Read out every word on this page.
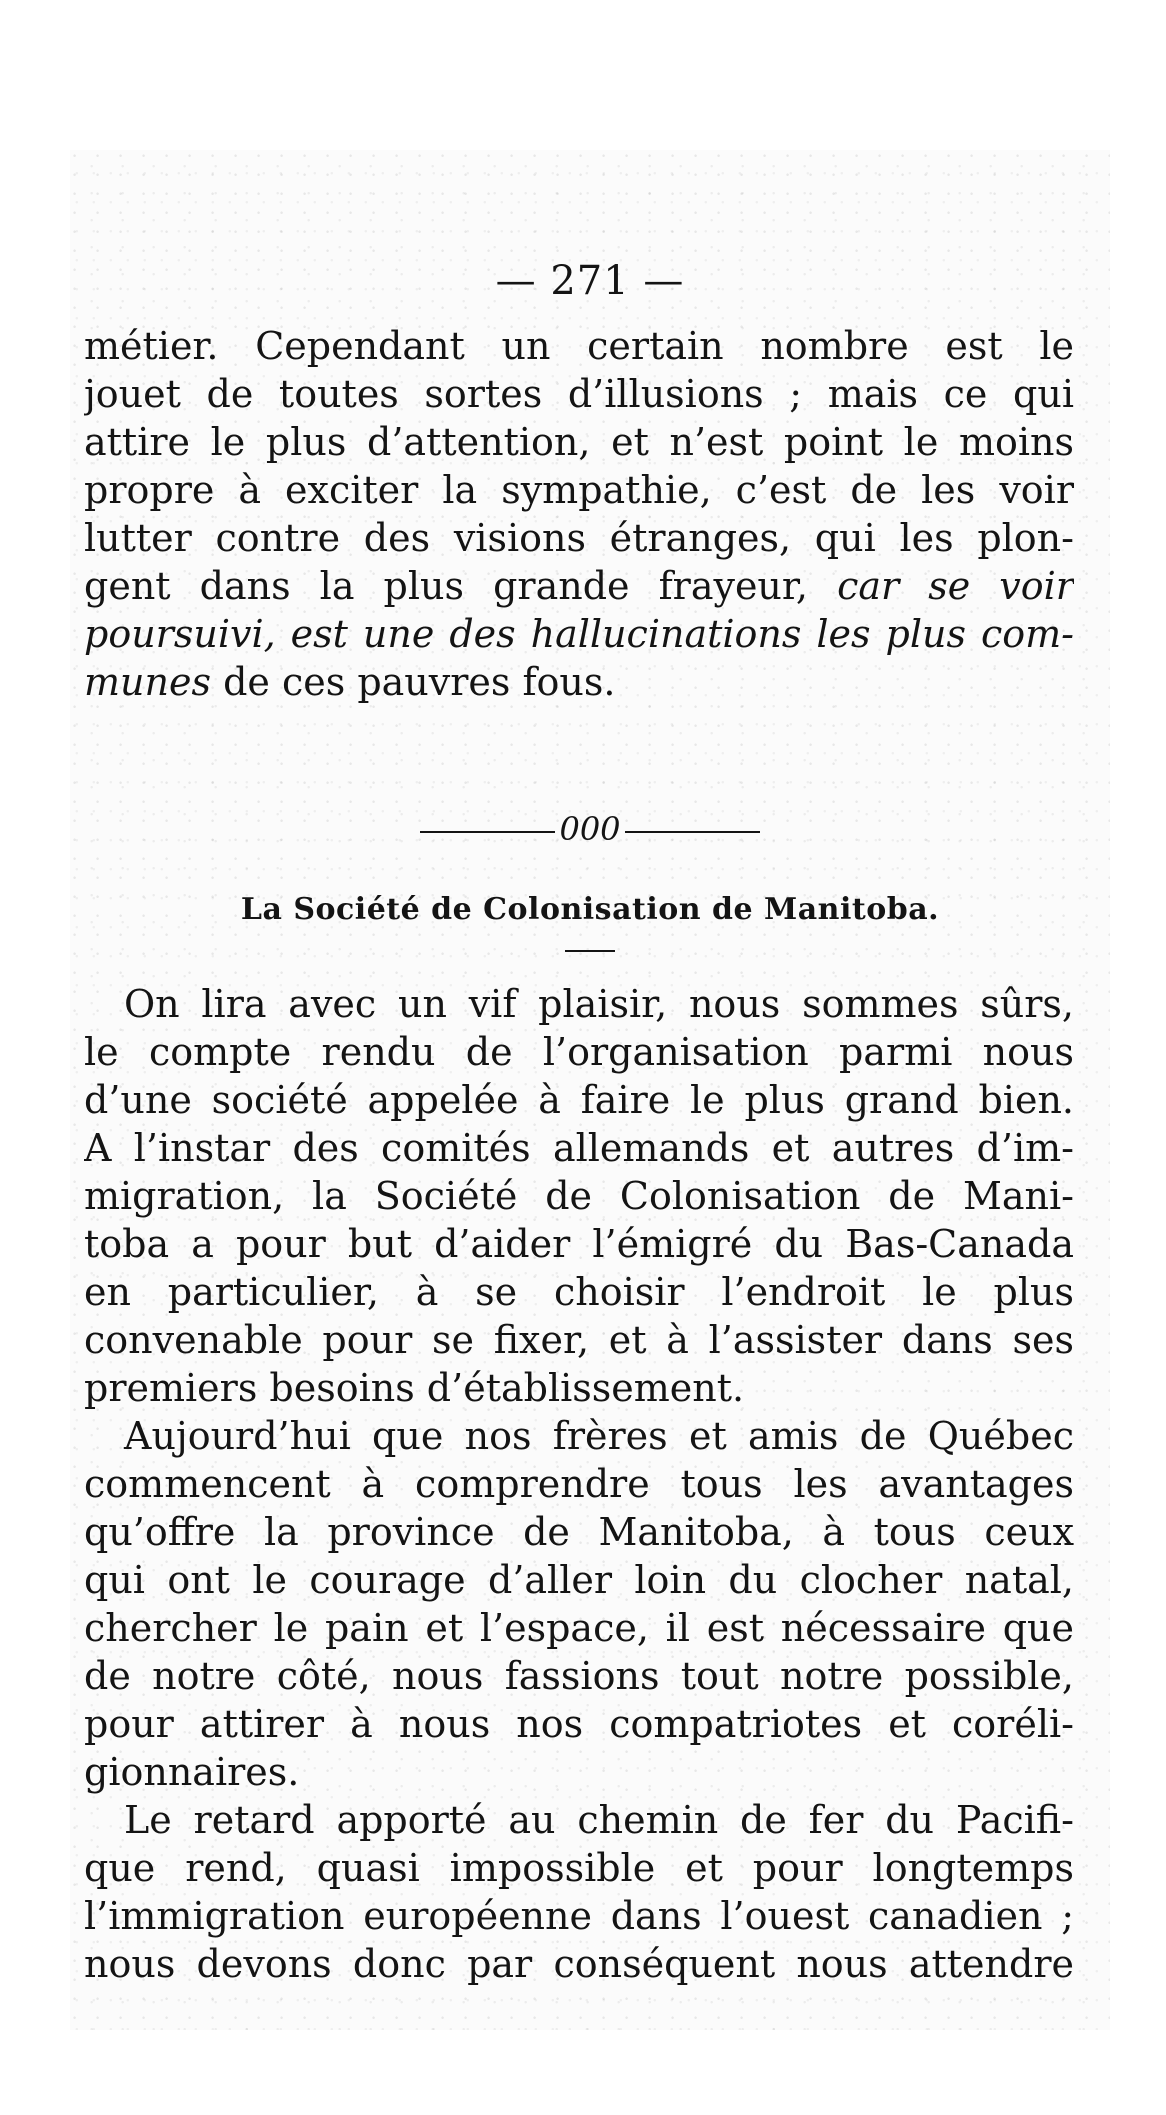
— 271 —
métier. Cependant un certain nombre est le
jouet de toutes sortes d’illusions ; mais ce qui
attire le plus d’attention, et n’est point le moins
propre à exciter la sympathie, c’est de les voir
lutter contre des visions étranges, qui les plon-
gent dans la plus grande frayeur, car se voir
poursuivi, est une des hallucinations les plus com-
munes de ces pauvres fous.
000
La Société de Colonisation de Manitoba.
On lira avec un vif plaisir, nous sommes sûrs,
le compte rendu de l’organisation parmi nous
d’une société appelée à faire le plus grand bien.
A l’instar des comités allemands et autres d’im-
migration, la Société de Colonisation de Mani-
toba a pour but d’aider l’émigré du Bas-Canada
en particulier, à se choisir l’endroit le plus
convenable pour se fixer, et à l’assister dans ses
premiers besoins d’établissement.
Aujourd’hui que nos frères et amis de Québec
commencent à comprendre tous les avantages
qu’offre la province de Manitoba, à tous ceux
qui ont le courage d’aller loin du clocher natal,
chercher le pain et l’espace, il est nécessaire que
de notre côté, nous fassions tout notre possible,
pour attirer à nous nos compatriotes et coréli-
gionnaires.
Le retard apporté au chemin de fer du Pacifi-
que rend, quasi impossible et pour longtemps
l’immigration européenne dans l’ouest canadien ;
nous devons donc par conséquent nous attendre
